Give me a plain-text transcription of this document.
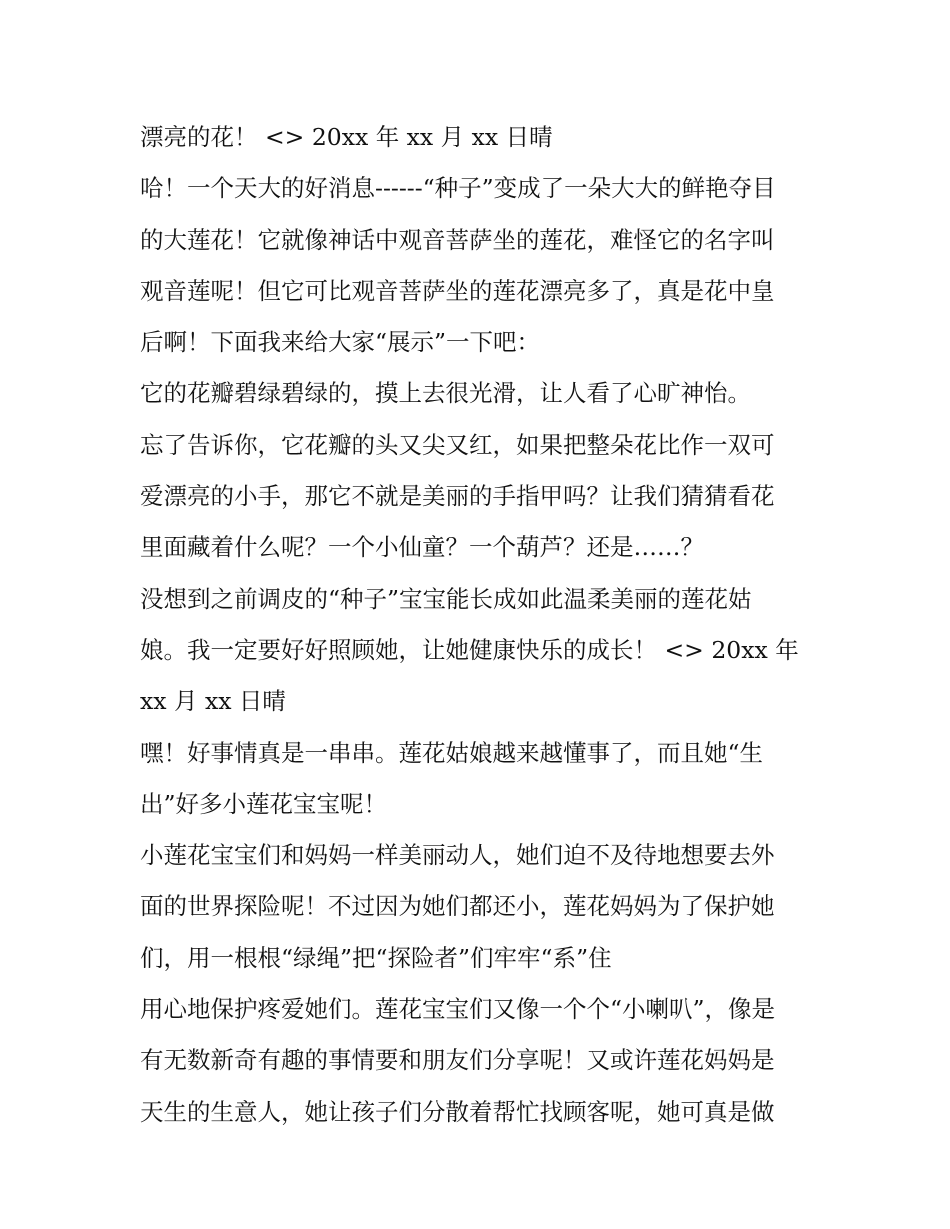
漂亮的花！ <> 20xx 年 xx 月 xx 日晴
哈！一个天大的好消息------“种子”变成了一朵大大的鲜艳夺目
的大莲花！它就像神话中观音菩萨坐的莲花，难怪它的名字叫
观音莲呢！但它可比观音菩萨坐的莲花漂亮多了，真是花中皇
后啊！下面我来给大家“展示”一下吧：
它的花瓣碧绿碧绿的，摸上去很光滑，让人看了心旷神怡。
忘了告诉你，它花瓣的头又尖又红，如果把整朵花比作一双可
爱漂亮的小手，那它不就是美丽的手指甲吗？让我们猜猜看花
里面藏着什么呢？一个小仙童？一个葫芦？还是……？
没想到之前调皮的“种子”宝宝能长成如此温柔美丽的莲花姑
娘。我一定要好好照顾她，让她健康快乐的成长！ <> 20xx 年
xx 月 xx 日晴
嘿！好事情真是一串串。莲花姑娘越来越懂事了，而且她“生
出”好多小莲花宝宝呢！
小莲花宝宝们和妈妈一样美丽动人，她们迫不及待地想要去外
面的世界探险呢！不过因为她们都还小，莲花妈妈为了保护她
们，用一根根“绿绳”把“探险者”们牢牢“系”住
用心地保护疼爱她们。莲花宝宝们又像一个个“小喇叭”，像是
有无数新奇有趣的事情要和朋友们分享呢！又或许莲花妈妈是
天生的生意人，她让孩子们分散着帮忙找顾客呢，她可真是做
